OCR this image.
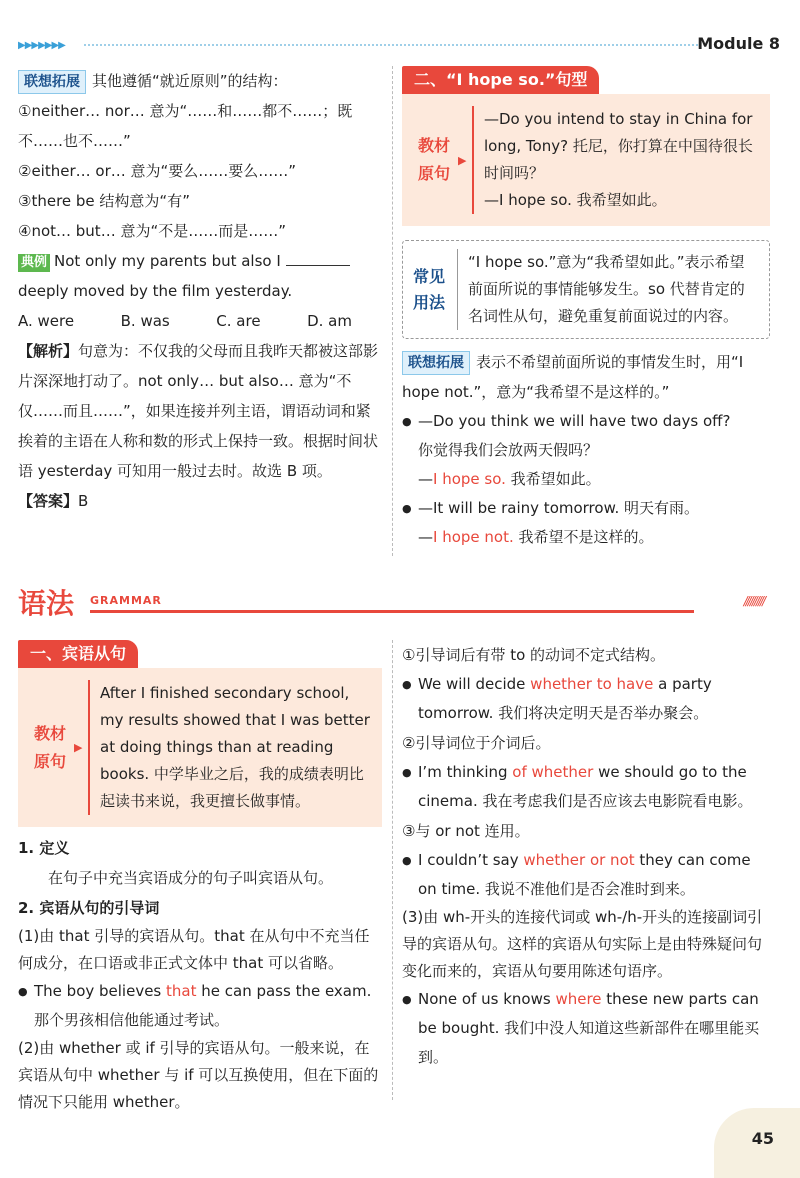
▶▶▶▶▶▶▶	Module 8

联想拓展 其他遵循“就近原则”的结构：

①neither… nor… 意为“……和……都不……；既不……也不……”

②either… or… 意为“要么……要么……”

③there be 结构意为“有”

④not… but… 意为“不是……而是……”

典例 Not only my parents but also I

deeply moved by the film yesterday.

A. were	B. was	C. are	D. am

【解析】句意为：不仅我的父母而且我昨天都被这部影片深深地打动了。not only… but also… 意为“不仅……而且……”，如果连接并列主语，谓语动词和紧挨着的主语在人称和数的形式上保持一致。根据时间状语 yesterday 可知用一般过去时。故选 B 项。

【答案】B

二、“I hope so.”句型
教材
原句
▶
—Do you intend to stay in China for long, Tony? 托尼，你打算在中国待很长时间吗？
—I hope so. 我希望如此。
常见
用法
“I hope so.”意为“我希望如此。”表示希望前面所说的事情能够发生。so 代替肯定的名词性从句，避免重复前面说过的内容。

联想拓展 表示不希望前面所说的事情发生时，用“I hope not.”，意为“我希望不是这样的。”

● —Do you think we will have two days off?
你觉得我们会放两天假吗？
—I hope so. 我希望如此。
● —It will be rainy tomorrow. 明天有雨。
—I hope not. 我希望不是这样的。
语法 GRAMMAR	//////////
一、宾语从句
教材
原句
▶
After I finished secondary school, my results showed that I was better at doing things than at reading books. 中学毕业之后，我的成绩表明比起读书来说，我更擅长做事情。

1. 定义

在句子中充当宾语成分的句子叫宾语从句。

2. 宾语从句的引导词

(1)由 that 引导的宾语从句。that 在从句中不充当任何成分，在口语或非正式文体中 that 可以省略。

● The boy believes that he can pass the exam.
那个男孩相信他能通过考试。

(2)由 whether 或 if 引导的宾语从句。一般来说，在宾语从句中 whether 与 if 可以互换使用，但在下面的情况下只能用 whether。

①引导词后有带 to 的动词不定式结构。

● We will decide whether to have a party tomorrow. 我们将决定明天是否举办聚会。

②引导词位于介词后。

● I’m thinking of whether we should go to the cinema. 我在考虑我们是否应该去电影院看电影。

③与 or not 连用。

● I couldn’t say whether or not they can come on time. 我说不准他们是否会准时到来。

(3)由 wh-开头的连接代词或 wh-/h-开头的连接副词引导的宾语从句。这样的宾语从句实际上是由特殊疑问句变化而来的，宾语从句要用陈述句语序。

● None of us knows where these new parts can be bought. 我们中没人知道这些新部件在哪里能买到。
45
